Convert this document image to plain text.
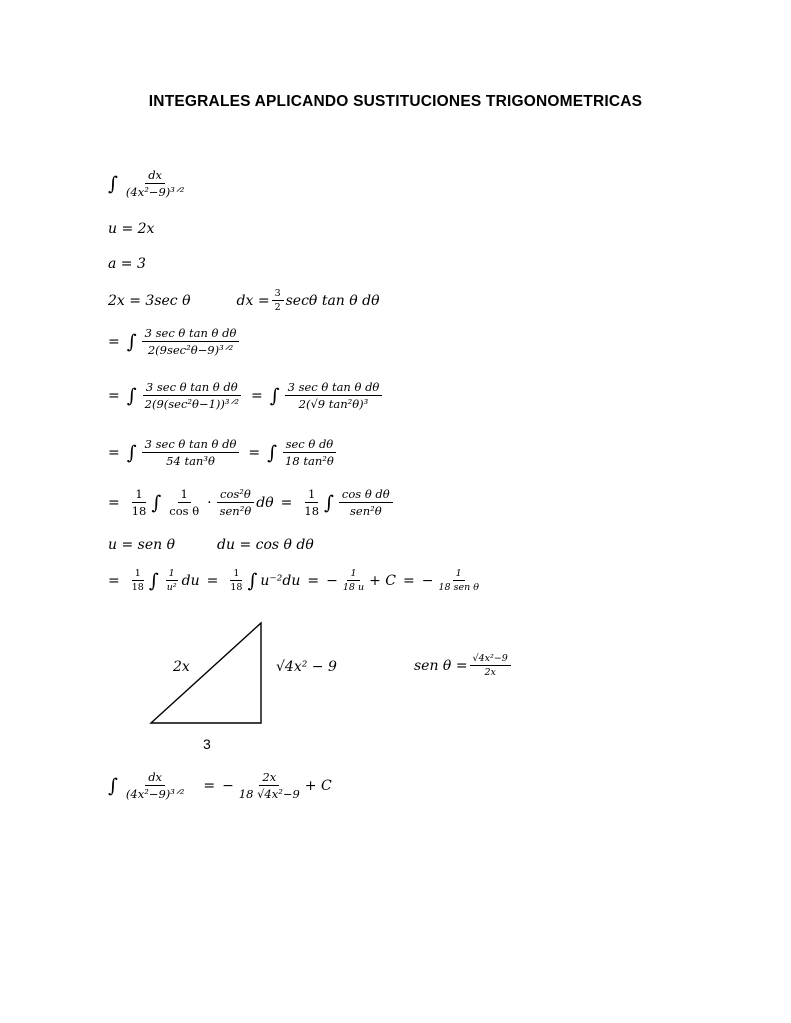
INTEGRALES APLICANDO SUSTITUCIONES TRIGONOMETRICAS
∫ $\frac{dx}{\text{(4x²−9)³ᐟ²}}$
u = 2x
a = 3
2x = 3sec θ	dx = $\frac{3}{2}$ secθ tan θ dθ
= ∫ $\frac{\text{3 sec θ tan θ dθ}}{\text{2(9sec²θ−9)³ᐟ²}}$
= ∫ $\frac{\text{3 sec θ tan θ dθ}}{\text{2(9(sec²θ−1))³ᐟ²}}$ = ∫ $\frac{\text{3 sec θ tan θ dθ}}{\text{2(√9 tan²θ)³}}$
= ∫ $\frac{\text{3 sec θ tan θ dθ}}{\text{54 tan³θ}}$ = ∫ $\frac{\text{sec θ dθ}}{\text{18 tan²θ}}$
= $\frac{1}{18}$ ∫ $\frac{1}{\text{cos θ}} \cdot \frac{\text{cos²θ}}{\text{sen²θ}}$ $d\theta = \frac{1}{18}$ ∫ $\frac{\text{cos θ dθ}}{\text{sen²θ}}$
u = sen θ	du = cos θ dθ
= $\frac{1}{18}$ ∫ $\frac{1}{\text{u²}}$ du = $\frac{1}{18}$ ∫ u⁻²du = − $\frac{1}{18 u} + C$ = − $\frac{1}{\text{18 sen θ}}$
2x	√4x² − 9
3
sen $\theta = \frac{\text{√4x²−9}}{2x}$
∫ $\frac{dx}{\text{(4x²−9)³ᐟ²}}$ = − $\frac{2x}{\text{18 √4x²−9}} + C$
